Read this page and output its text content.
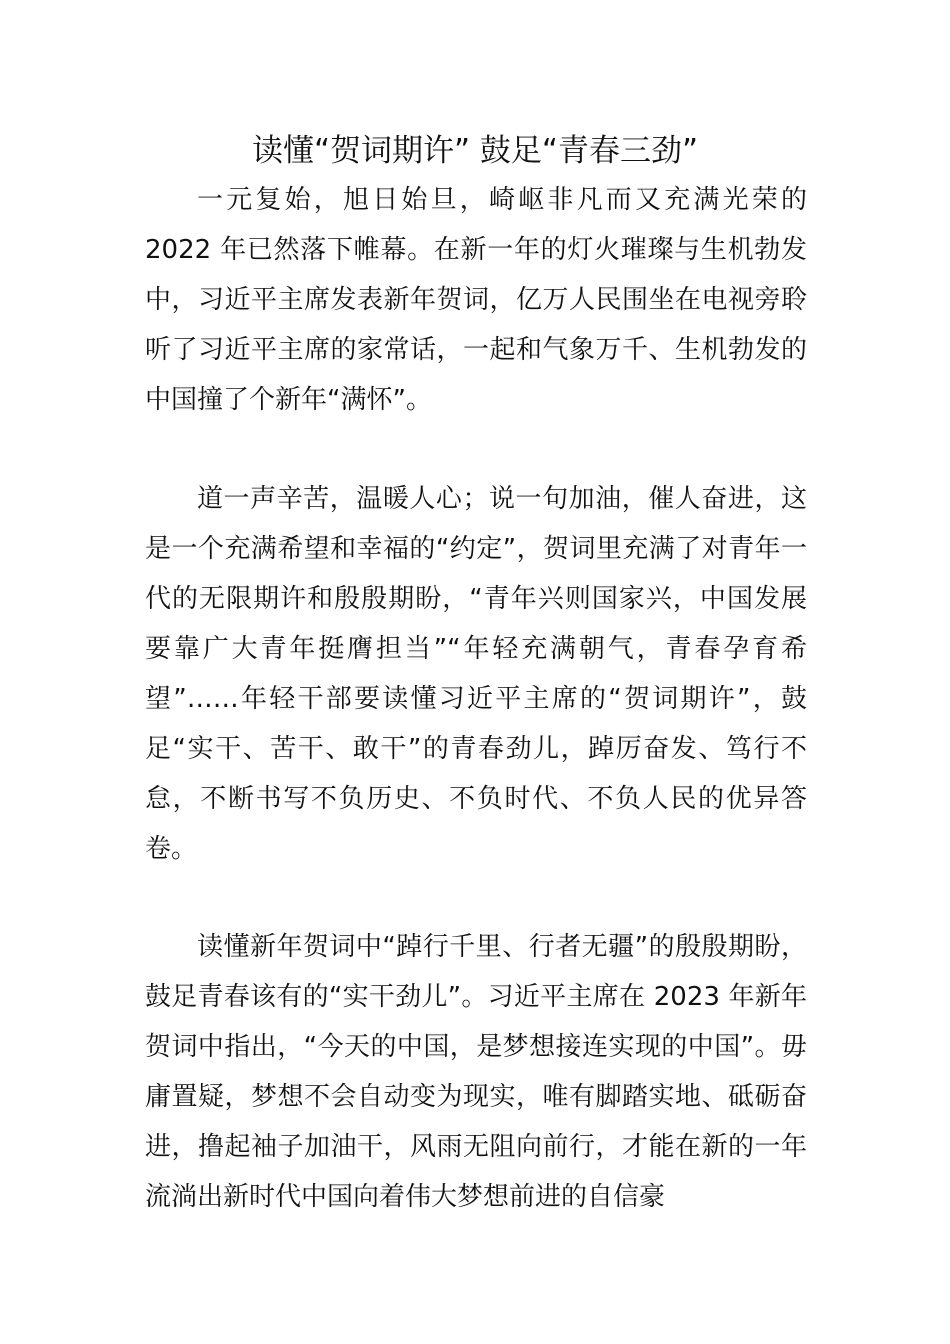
读懂“贺词期许” 鼓足“青春三劲”

一元复始，旭日始旦，崎岖非凡而又充满光荣的 2022 年已然落下帷幕。在新一年的灯火璀璨与生机勃发中，习近平主席发表新年贺词，亿万人民围坐在电视旁聆听了习近平主席的家常话，一起和气象万千、生机勃发的中国撞了个新年“满怀”。

道一声辛苦，温暖人心；说一句加油，催人奋进，这是一个充满希望和幸福的“约定”，贺词里充满了对青年一代的无限期许和殷殷期盼，“青年兴则国家兴，中国发展要靠广大青年挺膺担当”“年轻充满朝气，青春孕育希望”……年轻干部要读懂习近平主席的“贺词期许”，鼓足“实干、苦干、敢干”的青春劲儿，踔厉奋发、笃行不怠，不断书写不负历史、不负时代、不负人民的优异答卷。

读懂新年贺词中“踔行千里、行者无疆”的殷殷期盼，鼓足青春该有的“实干劲儿”。习近平主席在 2023 年新年贺词中指出，“今天的中国，是梦想接连实现的中国”。毋庸置疑，梦想不会自动变为现实，唯有脚踏实地、砥砺奋进，撸起袖子加油干，风雨无阻向前行，才能在新的一年流淌出新时代中国向着伟大梦想前进的自信豪
